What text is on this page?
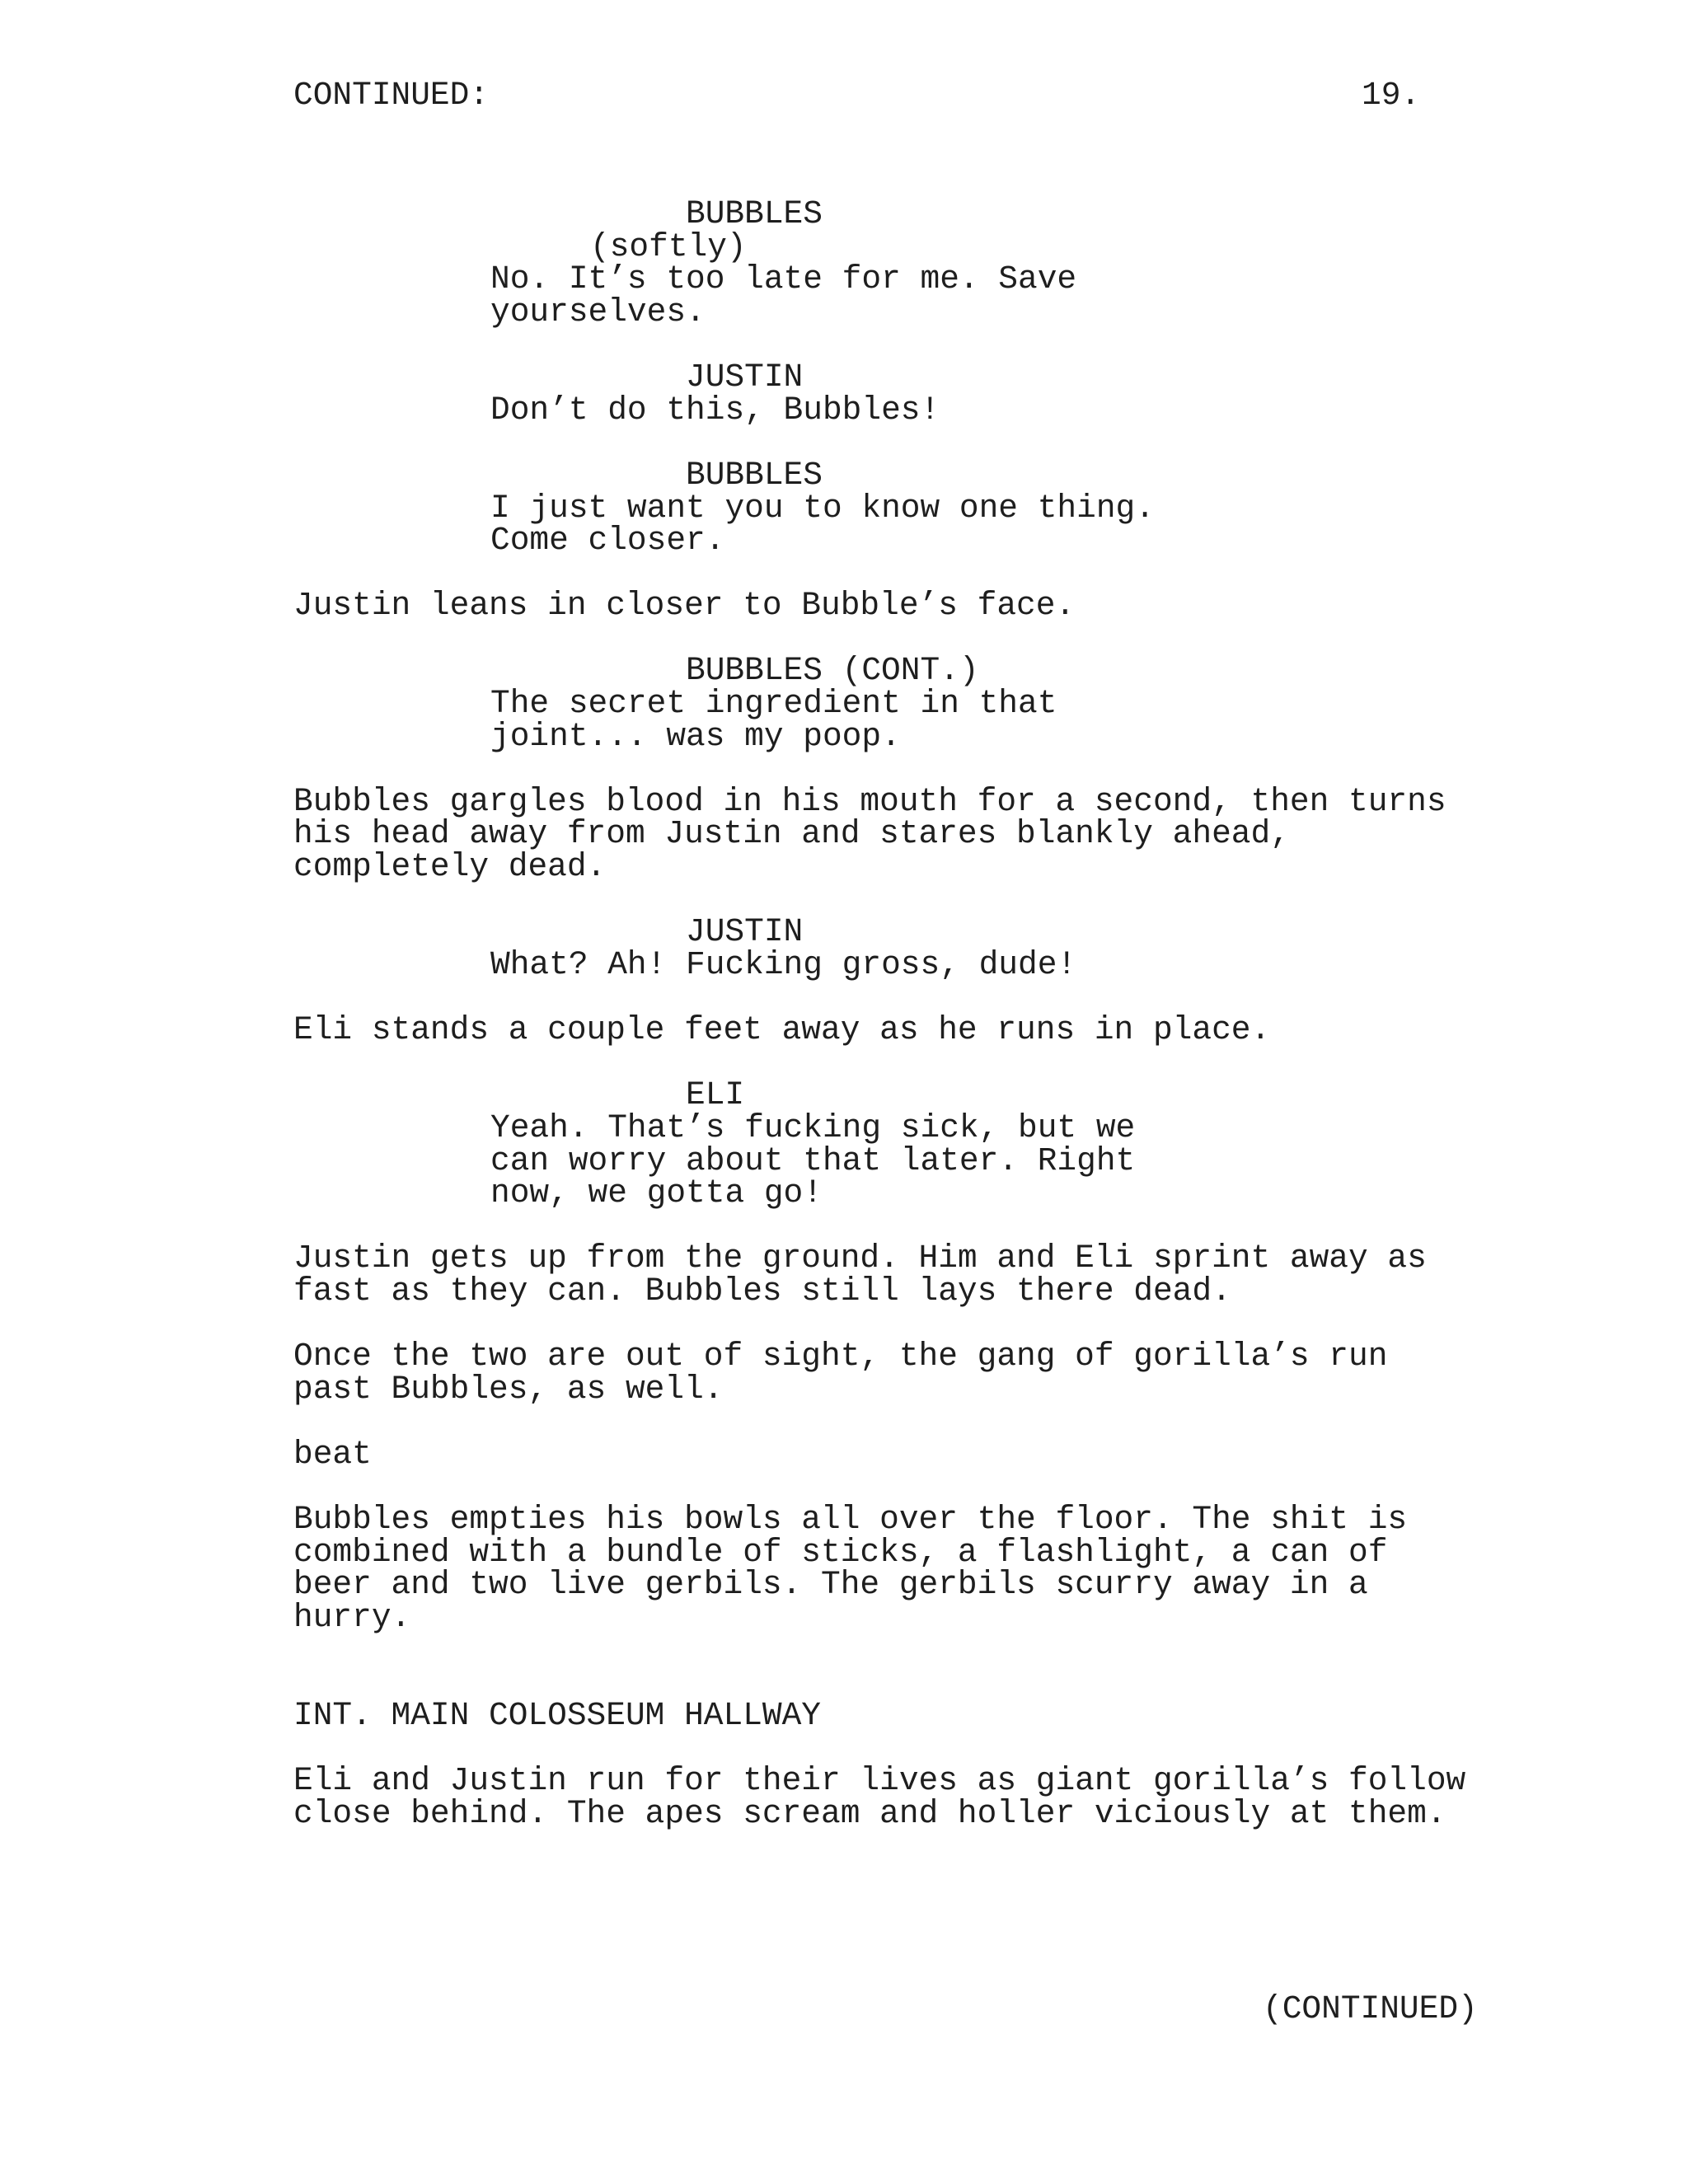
CONTINUED:	19.

BUBBLES

(softly)

No. It’s too late for me. Save

yourselves.

JUSTIN

Don’t do this, Bubbles!

BUBBLES

I just want you to know one thing.

Come closer.

Justin leans in closer to Bubble’s face.

BUBBLES (CONT.)

The secret ingredient in that

joint... was my poop.

Bubbles gargles blood in his mouth for a second, then turns

his head away from Justin and stares blankly ahead,

completely dead.

JUSTIN

What? Ah! Fucking gross, dude!

Eli stands a couple feet away as he runs in place.

ELI

Yeah. That’s fucking sick, but we

can worry about that later. Right

now, we gotta go!

Justin gets up from the ground. Him and Eli sprint away as

fast as they can. Bubbles still lays there dead.

Once the two are out of sight, the gang of gorilla’s run

past Bubbles, as well.

beat

Bubbles empties his bowls all over the floor. The shit is

combined with a bundle of sticks, a flashlight, a can of

beer and two live gerbils. The gerbils scurry away in a

hurry.

INT. MAIN COLOSSEUM HALLWAY

Eli and Justin run for their lives as giant gorilla’s follow

close behind. The apes scream and holler viciously at them.

(CONTINUED)
